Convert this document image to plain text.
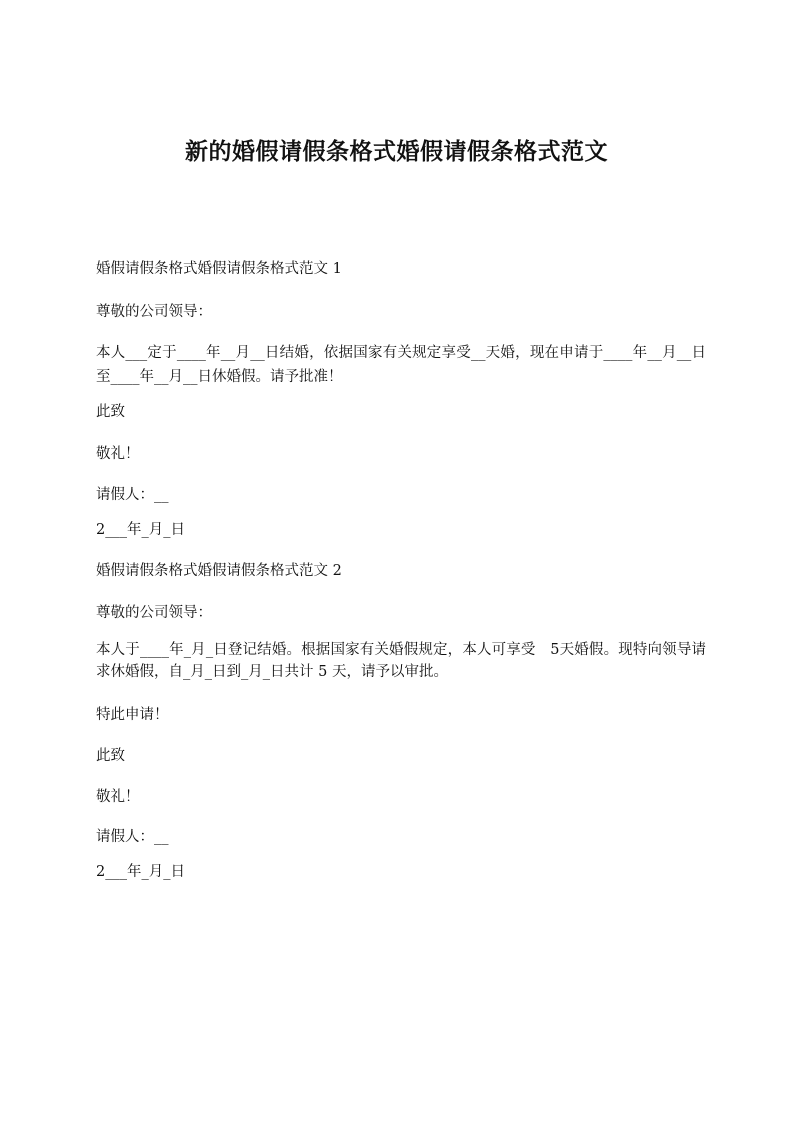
新的婚假请假条格式婚假请假条格式范文
婚假请假条格式婚假请假条格式范文 1
尊敬的公司领导：
本人___定于____年__月__日结婚，依据国家有关规定享受__天婚，现在申请于____年__月__日至____年__月__日休婚假。请予批准！
此致
敬礼！
请假人：__
2___年_月_日
婚假请假条格式婚假请假条格式范文 2
尊敬的公司领导：
本人于____年_月_日登记结婚。根据国家有关婚假规定，本人可享受　5天婚假。现特向领导请求休婚假，自_月_日到_月_日共计 5 天，请予以审批。
特此申请！
此致
敬礼！
请假人：__
2___年_月_日
